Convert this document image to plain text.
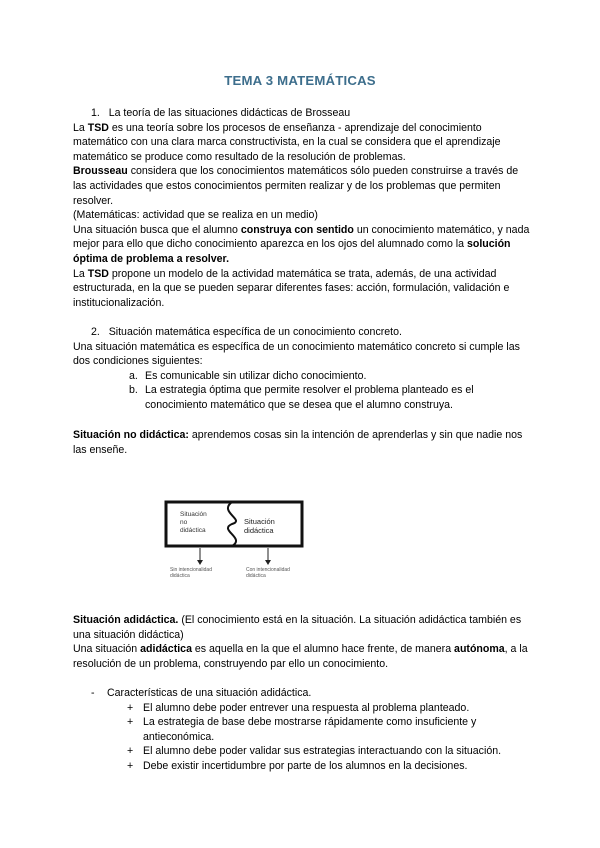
TEMA 3 MATEMÁTICAS

1. La teoría de las situaciones didácticas de Brosseau

La TSD es una teoría sobre los procesos de enseñanza - aprendizaje del conocimiento matemático con una clara marca constructivista, en la cual se considera que el aprendizaje matemático se produce como resultado de la resolución de problemas.

Brousseau considera que los conocimientos matemáticos sólo pueden construirse a través de las actividades que estos conocimientos permiten realizar y de los problemas que permiten resolver.

(Matemáticas: actividad que se realiza en un medio)

Una situación busca que el alumno construya con sentido un conocimiento matemático, y nada mejor para ello que dicho conocimiento aparezca en los ojos del alumnado como la solución óptima de problema a resolver.

La TSD propone un modelo de la actividad matemática se trata, además, de una actividad estructurada, en la que se pueden separar diferentes fases: acción, formulación, validación e institucionalización.

2. Situación matemática específica de un conocimiento concreto.

Una situación matemática es específica de un conocimiento matemático concreto si cumple las dos condiciones siguientes:

a. Es comunicable sin utilizar dicho conocimiento.
b. La estrategia óptima que permite resolver el problema planteado es el conocimiento matemático que se desea que el alumno construya.

Situación no didáctica: aprendemos cosas sin la intención de aprenderlas y sin que nadie nos las enseñe.

Situación no didáctica
Situación didáctica
Sin intencionalidad didáctica
Con intencionalidad didáctica

Situación adidáctica. (El conocimiento está en la situación. La situación adidáctica también es una situación didáctica)

Una situación adidáctica es aquella en la que el alumno hace frente, de manera autónoma, a la resolución de un problema, construyendo par ello un conocimiento.

- Características de una situación adidáctica.
+ El alumno debe poder entrever una respuesta al problema planteado.
+ La estrategia de base debe mostrarse rápidamente como insuficiente y antieconómica.
+ El alumno debe poder validar sus estrategias interactuando con la situación.
+ Debe existir incertidumbre por parte de los alumnos en la decisiones.
